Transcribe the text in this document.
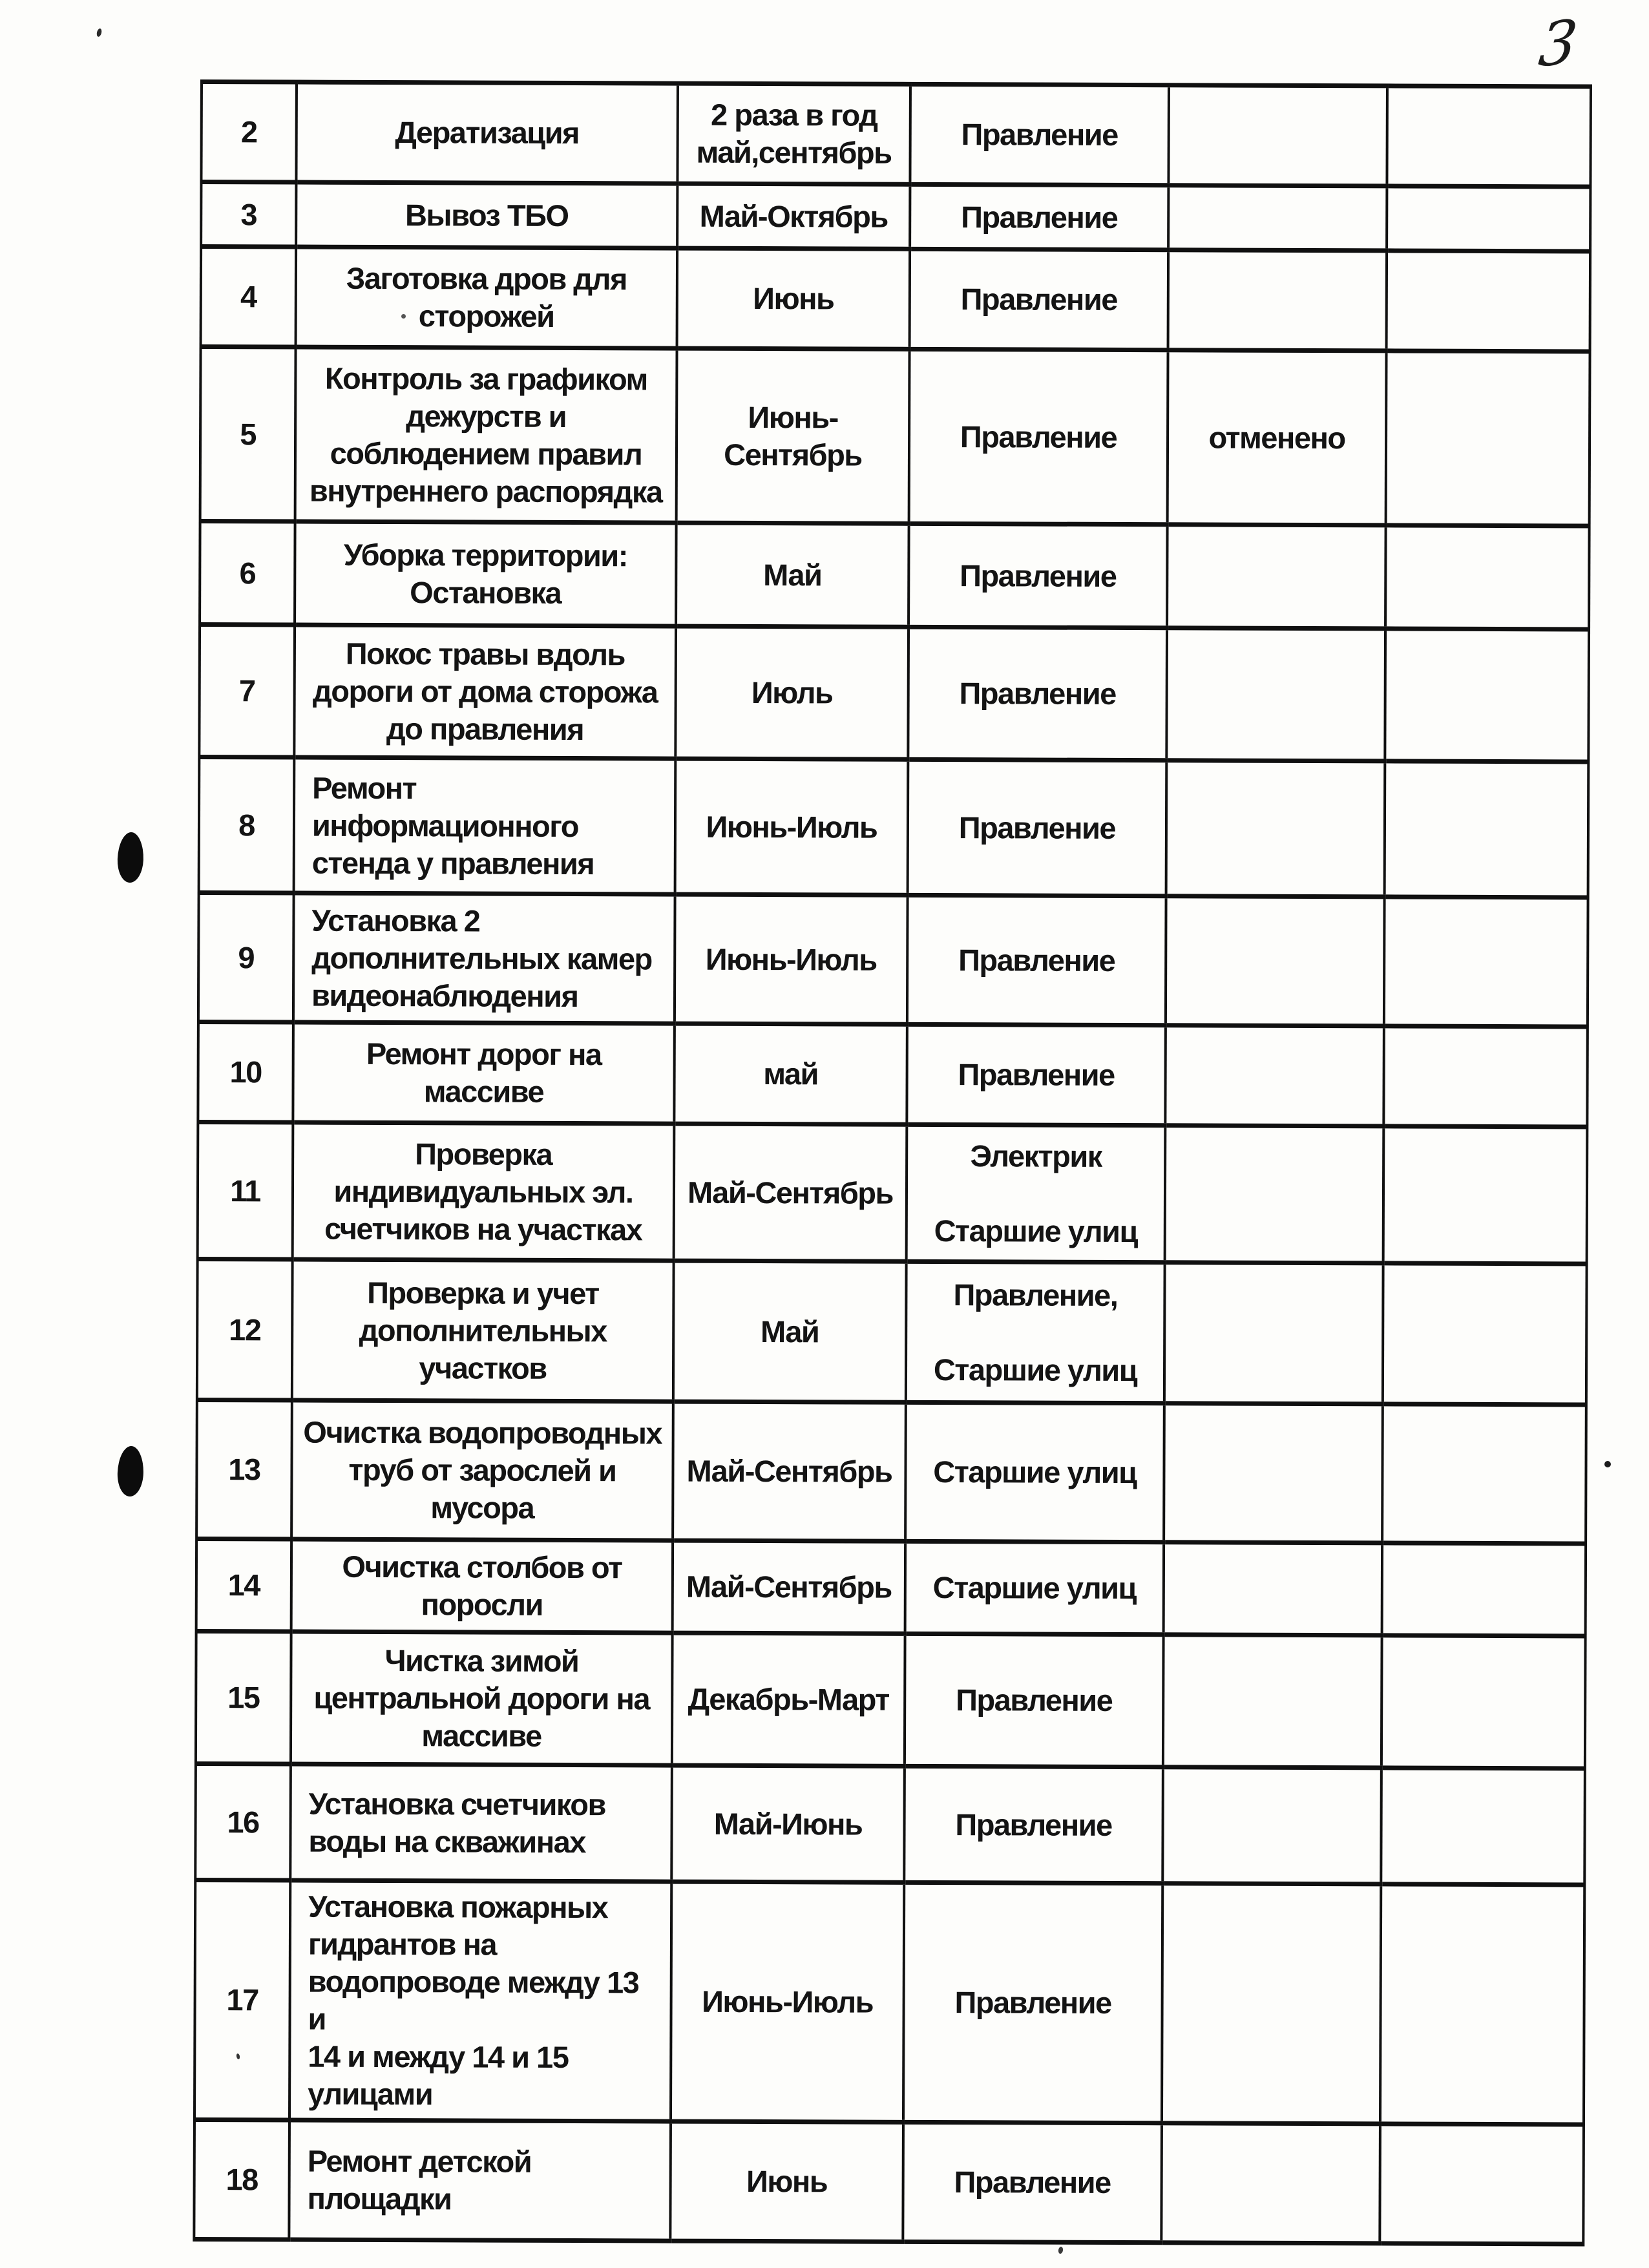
3
2	Дератизация	2 раза в год
май,сентябрь	Правление		
3	Вывоз ТБО	Май-Октябрь	Правление		
4	Заготовка дров для
сторожей	Июнь	Правление		
5	Контроль за графиком
дежурств и
соблюдением правил
внутреннего распорядка	Июнь-
Сентябрь	Правление	отменено	
6	Уборка территории:
Остановка	Май	Правление		
7	Покос травы вдоль
дороги от дома сторожа
до правления	Июль	Правление		
8	Ремонт
информационного
стенда у правления	Июнь-Июль	Правление		
9	Установка 2
дополнительных камер
видеонаблюдения	Июнь-Июль	Правление		
10	Ремонт дорог на
массиве	май	Правление		
11	Проверка
индивидуальных эл.
счетчиков на участках	Май-Сентябрь	Электрик

Старшие улиц		
12	Проверка и учет
дополнительных
участков	Май	Правление,

Старшие улиц		
13	Очистка водопроводных
труб от зарослей и
мусора	Май-Сентябрь	Старшие улиц		
14	Очистка столбов от
поросли	Май-Сентябрь	Старшие улиц		
15	Чистка зимой
центральной дороги на
массиве	Декабрь-Март	Правление		
16	Установка счетчиков
воды на скважинах	Май-Июнь	Правление		
17	Установка пожарных
гидрантов на
водопроводе между 13 и
14 и между 14 и 15
улицами	Июнь-Июль	Правление		
18	Ремонт детской
площадки	Июнь	Правление		
